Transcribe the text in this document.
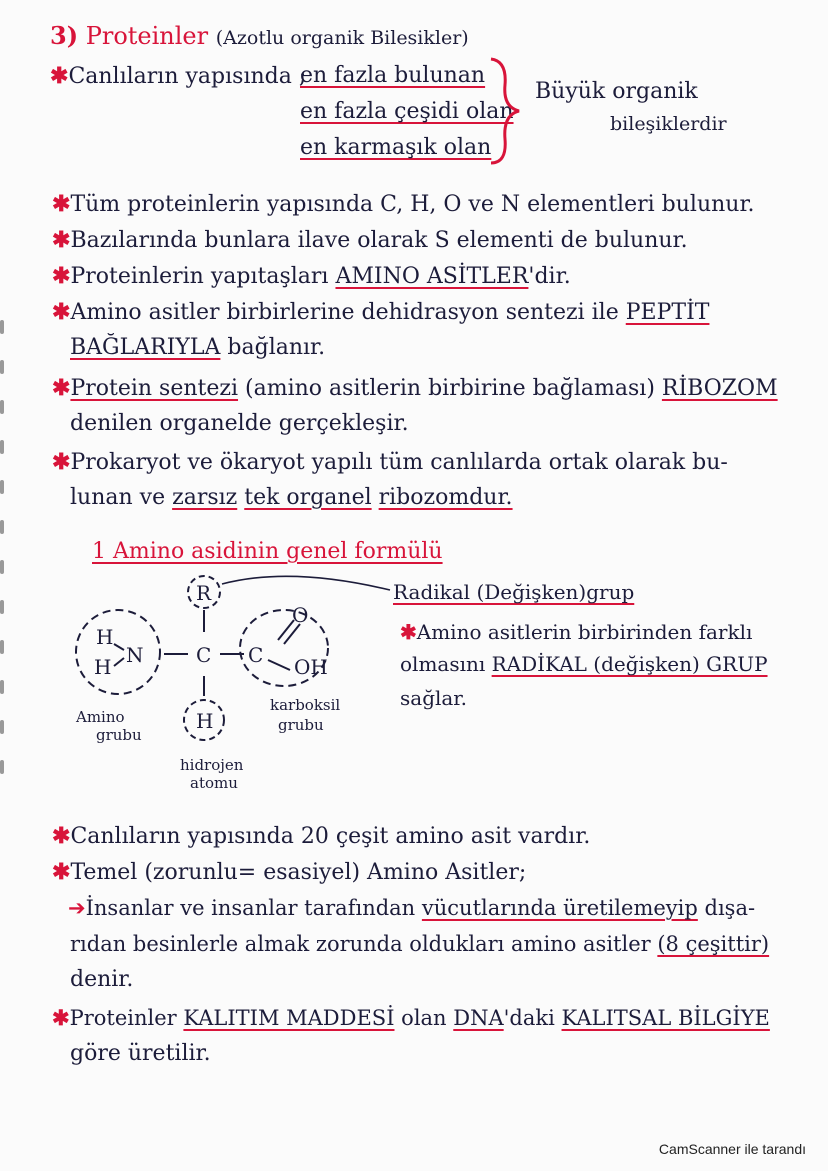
3) Proteinler (Azotlu organik Bilesikler)
✱Canlıların yapısında ;
en fazla bulunan
en fazla çeşidi olan
en karmaşık olan
Büyük organik
bileşiklerdir
✱Tüm proteinlerin yapısında C, H, O ve N elementleri bulunur.
✱Bazılarında bunlara ilave olarak S elementi de bulunur.
✱Proteinlerin yapıtaşları AMINO ASİTLER'dir.
✱Amino asitler birbirlerine dehidrasyon sentezi ile PEPTİT
BAĞLARIYLA bağlanır.
✱Protein sentezi (amino asitlerin birbirine bağlaması) RİBOZOM
denilen organelde gerçekleşir.
✱Prokaryot ve ökaryot yapılı tüm canlılarda ortak olarak bu-
lunan ve zarsız tek organel ribozomdur.
1 Amino asidinin genel formülü
R
C
H
N
H	C
O
OH
H
Amino
grubu
karboksil
grubu
hidrojen
atomu
Radikal (Değişken)grup
✱Amino asitlerin birbirinden farklı
olmasını RADİKAL (değişken) GRUP
sağlar.
✱Canlıların yapısında 20 çeşit amino asit vardır.
✱Temel (zorunlu= esasiyel) Amino Asitler;
➔İnsanlar ve insanlar tarafından vücutlarında üretilemeyip dışa-
rıdan besinlerle almak zorunda oldukları amino asitler (8 çeşittir)
denir.
✱Proteinler KALITIM MADDESİ olan DNA'daki KALITSAL BİLGİYE
göre üretilir.
CamScanner ile tarandı
